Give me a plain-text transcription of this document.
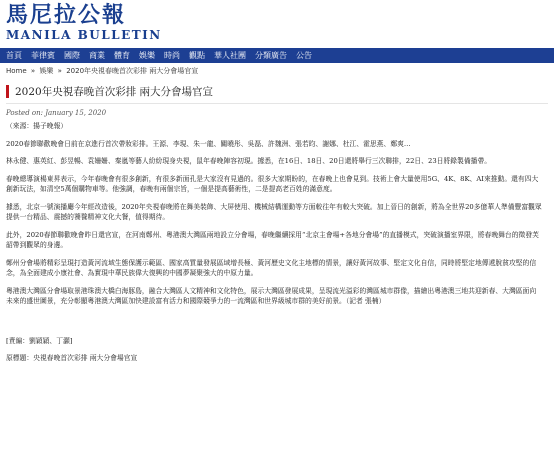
馬尼拉公報
MANILA BULLETIN
首頁 菲律賓 國際 商業 體育 娛樂 時尚 觀點 華人社團 分類廣告 公告
Home » 娛樂 » 2020年央視春晚首次彩排 兩大分會場官宣
2020年央視春晚首次彩排 兩大分會場官宣
Posted on: January 15, 2020

（來源：揚子晚報）

2020春節聯歡晚會日前在京進行首次帶妝彩排。王源、李現、朱一龍、關曉彤、吳磊、許魏洲、張若昀、謝娜、杜江、霍思燕、鄭爽…

林永健、惠英紅、彭昱暢、袁姍姍、秦嵐等藝人紛紛現身央視，鼠年春晚陣容初現。據悉，在16日、18日、20日還將舉行三次聯排，22日、23日將錄製備播帶。

春晚總導演楊東昇表示，今年春晚會有很多創新，有很多新面孔是大家沒有見過的。很多大家期盼的，在春晚上也會見到。技術上會大量使用5G、4K、8K、AI來推動。還有四大創新玩法，如清空5萬個購物車等。他強調，春晚有兩個宗旨，一個是提高藝術性，二是提高老百姓的滿意度。

據悉，北京一號演播廳今年經改造後，2020年央視春晚將在舞美裝飾、大屏使用、機械結構運動等方面較往年有較大突破。加上晉日的創新，將為全世界20多億華人準備豐富觀眾提供一台精品、震撼的饕餮精神文化大餐，值得期待。

此外，2020春節聯歡晚會昨日還官宣，在河南鄭州、粵港澳大灣區兩地設立分會場，春晚繼續採用“北京主會場+各地分會場”的直播模式，突破演播室界限，將春晚舞台的徵發芙韶帶到觀眾的身邊。

鄭州分會場將精彩呈現打造黃河流域生態保護示範區、國家高質量發展區域增長極、黃河歷史文化主地標的情景，讓好黃河故事、堅定文化自信，同時將堅定地傳遞脫貧攻堅的信念，為全面建成小康社會、為實現中華民族偉大復興的中國夢凝聚強大的中原力量。

粵港澳大灣區分會場取景港珠澳大橋白海豚島，融合大灣區人文精神和文化特色，展示大灣區發展成果，呈現流光溢彩的灣區城市群像，描繪出粵港澳三地共迎新春、大灣區面向未來的盛世圖景，充分彰顯粵港澳大灣區加快建設富有活力和國際競爭力的一流灣區和世界級城市群的美好前景。（記者 張楠）

[責編：劉穎穎、丁灝]

原標題：央視春晚首次彩排 兩大分會場官宣
